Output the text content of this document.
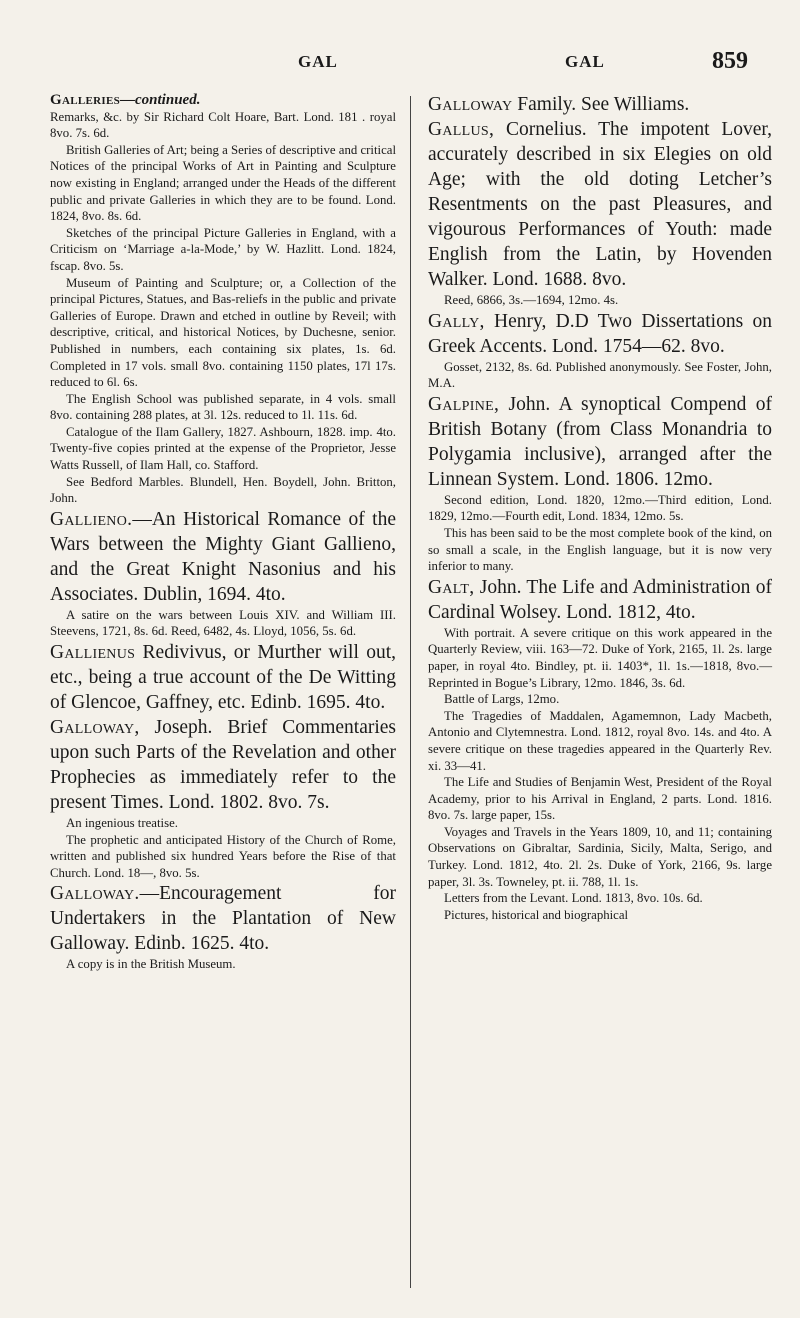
GAL	GAL	859

Galleries—continued.

Remarks, &c. by Sir Richard Colt Hoare, Bart. Lond. 181 . royal 8vo. 7s. 6d.

British Galleries of Art; being a Series of descriptive and critical Notices of the principal Works of Art in Painting and Sculpture now existing in England; arranged under the Heads of the different public and private Galleries in which they are to be found. Lond. 1824, 8vo. 8s. 6d.

Sketches of the principal Picture Galleries in England, with a Criticism on ‘Marriage a-la-Mode,’ by W. Hazlitt. Lond. 1824, fscap. 8vo. 5s.

Museum of Painting and Sculpture; or, a Collection of the principal Pictures, Statues, and Bas-reliefs in the public and private Galleries of Europe. Drawn and etched in outline by Reveil; with descriptive, critical, and historical Notices, by Duchesne, senior. Published in numbers, each containing six plates, 1s. 6d. Completed in 17 vols. small 8vo. containing 1150 plates, 17l 17s. reduced to 6l. 6s.

The English School was published separate, in 4 vols. small 8vo. containing 288 plates, at 3l. 12s. reduced to 1l. 11s. 6d.

Catalogue of the Ilam Gallery, 1827. Ashbourn, 1828. imp. 4to. Twenty-five copies printed at the expense of the Proprietor, Jesse Watts Russell, of Ilam Hall, co. Stafford.

See Bedford Marbles. Blundell, Hen. Boydell, John. Britton, John.

Gallieno.—An Historical Romance of the Wars between the Mighty Giant Gallieno, and the Great Knight Nasonius and his Associates. Dublin, 1694. 4to.

A satire on the wars between Louis XIV. and William III. Steevens, 1721, 8s. 6d. Reed, 6482, 4s. Lloyd, 1056, 5s. 6d.

Gallienus Redivivus, or Murther will out, etc., being a true account of the De Witting of Glencoe, Gaffney, etc. Edinb. 1695. 4to.

Galloway, Joseph. Brief Commentaries upon such Parts of the Revelation and other Prophecies as immediately refer to the present Times. Lond. 1802. 8vo. 7s.

An ingenious treatise.

The prophetic and anticipated History of the Church of Rome, written and published six hundred Years before the Rise of that Church. Lond. 18—, 8vo. 5s.

Galloway.—Encouragement for Undertakers in the Plantation of New Galloway. Edinb. 1625. 4to.

A copy is in the British Museum.

Galloway Family. See Williams.

Gallus, Cornelius. The impotent Lover, accurately described in six Elegies on old Age; with the old doting Letcher’s Resentments on the past Pleasures, and vigourous Performances of Youth: made English from the Latin, by Hovenden Walker. Lond. 1688. 8vo.

Reed, 6866, 3s.—1694, 12mo. 4s.

Gally, Henry, D.D Two Dissertations on Greek Accents. Lond. 1754—62. 8vo.

Gosset, 2132, 8s. 6d. Published anonymously. See Foster, John, M.A.

Galpine, John. A synoptical Compend of British Botany (from Class Monandria to Polygamia inclusive), arranged after the Linnean System. Lond. 1806. 12mo.

Second edition, Lond. 1820, 12mo.—Third edition, Lond. 1829, 12mo.—Fourth edit, Lond. 1834, 12mo. 5s.

This has been said to be the most complete book of the kind, on so small a scale, in the English language, but it is now very inferior to many.

Galt, John. The Life and Administration of Cardinal Wolsey. Lond. 1812, 4to.

With portrait. A severe critique on this work appeared in the Quarterly Review, viii. 163—72. Duke of York, 2165, 1l. 2s. large paper, in royal 4to. Bindley, pt. ii. 1403*, 1l. 1s.—1818, 8vo.—Reprinted in Bogue’s Library, 12mo. 1846, 3s. 6d.

Battle of Largs, 12mo.

The Tragedies of Maddalen, Agamemnon, Lady Macbeth, Antonio and Clytemnestra. Lond. 1812, royal 8vo. 14s. and 4to. A severe critique on these tragedies appeared in the Quarterly Rev. xi. 33—41.

The Life and Studies of Benjamin West, President of the Royal Academy, prior to his Arrival in England, 2 parts. Lond. 1816. 8vo. 7s. large paper, 15s.

Voyages and Travels in the Years 1809, 10, and 11; containing Observations on Gibraltar, Sardinia, Sicily, Malta, Serigo, and Turkey. Lond. 1812, 4to. 2l. 2s. Duke of York, 2166, 9s. large paper, 3l. 3s. Towneley, pt. ii. 788, 1l. 1s.

Letters from the Levant. Lond. 1813, 8vo. 10s. 6d.

Pictures, historical and biographical
